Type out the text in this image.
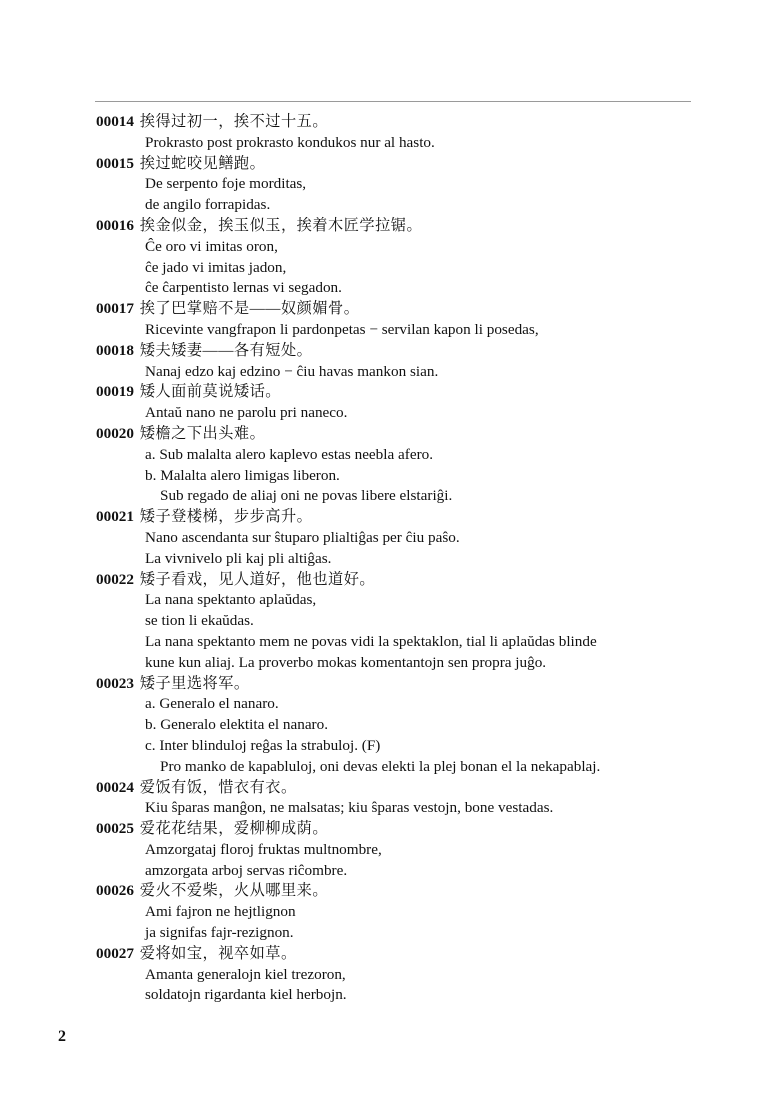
00014 挨得过初一，挨不过十五。
Prokrasto post prokrasto kondukos nur al hasto.
00015 挨过蛇咬见鳝跑。
De serpento foje morditas,
de angilo forrapidas.
00016 挨金似金，挨玉似玉，挨着木匠学拉锯。
Ĉe oro vi imitas oron,
ĉe jado vi imitas jadon,
ĉe ĉarpentisto lernas vi segadon.
00017 挨了巴掌赔不是——奴颜媚骨。
Ricevinte vangfrapon li pardonpetas − servilan kapon li posedas,
00018 矮夫矮妻——各有短处。
Nanaj edzo kaj edzino − ĉiu havas mankon sian.
00019 矮人面前莫说矮话。
Antaŭ nano ne parolu pri naneco.
00020 矮檐之下出头难。
a. Sub malalta alero kaplevo estas neebla afero.
b. Malalta alero limigas liberon.
Sub regado de aliaj oni ne povas libere elstariĝi.
00021 矮子登楼梯，步步高升。
Nano ascendanta sur ŝtuparo plialtiĝas per ĉiu paŝo.
La vivnivelo pli kaj pli altiĝas.
00022 矮子看戏，见人道好，他也道好。
La nana spektanto aplaŭdas,
se tion li ekaŭdas.
La nana spektanto mem ne povas vidi la spektaklon, tial li aplaŭdas blinde
kune kun aliaj. La proverbo mokas komentantojn sen propra juĝo.
00023 矮子里选将军。
a. Generalo el nanaro.
b. Generalo elektita el nanaro.
c. Inter blinduloj reĝas la strabuloj. (F)
Pro manko de kapabluloj, oni devas elekti la plej bonan el la nekapablaj.
00024 爱饭有饭，惜衣有衣。
Kiu ŝparas manĝon, ne malsatas; kiu ŝparas vestojn, bone vestadas.
00025 爱花花结果，爱柳柳成荫。
Amzorgataj floroj fruktas multnombre,
amzorgata arboj servas riĉombre.
00026 爱火不爱柴，火从哪里来。
Ami fajron ne hejtlignon
ja signifas fajr-rezignon.
00027 爱将如宝，视卒如草。
Amanta generalojn kiel trezoron,
soldatojn rigardanta kiel herbojn.
2
